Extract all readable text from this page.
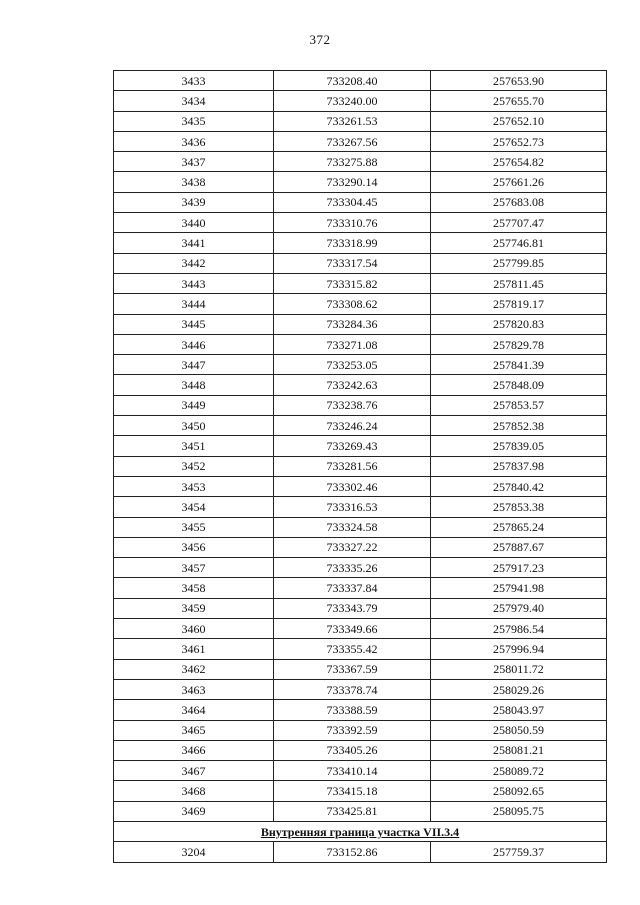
372
3433	733208.40	257653.90
3434	733240.00	257655.70
3435	733261.53	257652.10
3436	733267.56	257652.73
3437	733275.88	257654.82
3438	733290.14	257661.26
3439	733304.45	257683.08
3440	733310.76	257707.47
3441	733318.99	257746.81
3442	733317.54	257799.85
3443	733315.82	257811.45
3444	733308.62	257819.17
3445	733284.36	257820.83
3446	733271.08	257829.78
3447	733253.05	257841.39
3448	733242.63	257848.09
3449	733238.76	257853.57
3450	733246.24	257852.38
3451	733269.43	257839.05
3452	733281.56	257837.98
3453	733302.46	257840.42
3454	733316.53	257853.38
3455	733324.58	257865.24
3456	733327.22	257887.67
3457	733335.26	257917.23
3458	733337.84	257941.98
3459	733343.79	257979.40
3460	733349.66	257986.54
3461	733355.42	257996.94
3462	733367.59	258011.72
3463	733378.74	258029.26
3464	733388.59	258043.97
3465	733392.59	258050.59
3466	733405.26	258081.21
3467	733410.14	258089.72
3468	733415.18	258092.65
3469	733425.81	258095.75
Внутренняя граница участка VII.3.4		
3204	733152.86	257759.37
